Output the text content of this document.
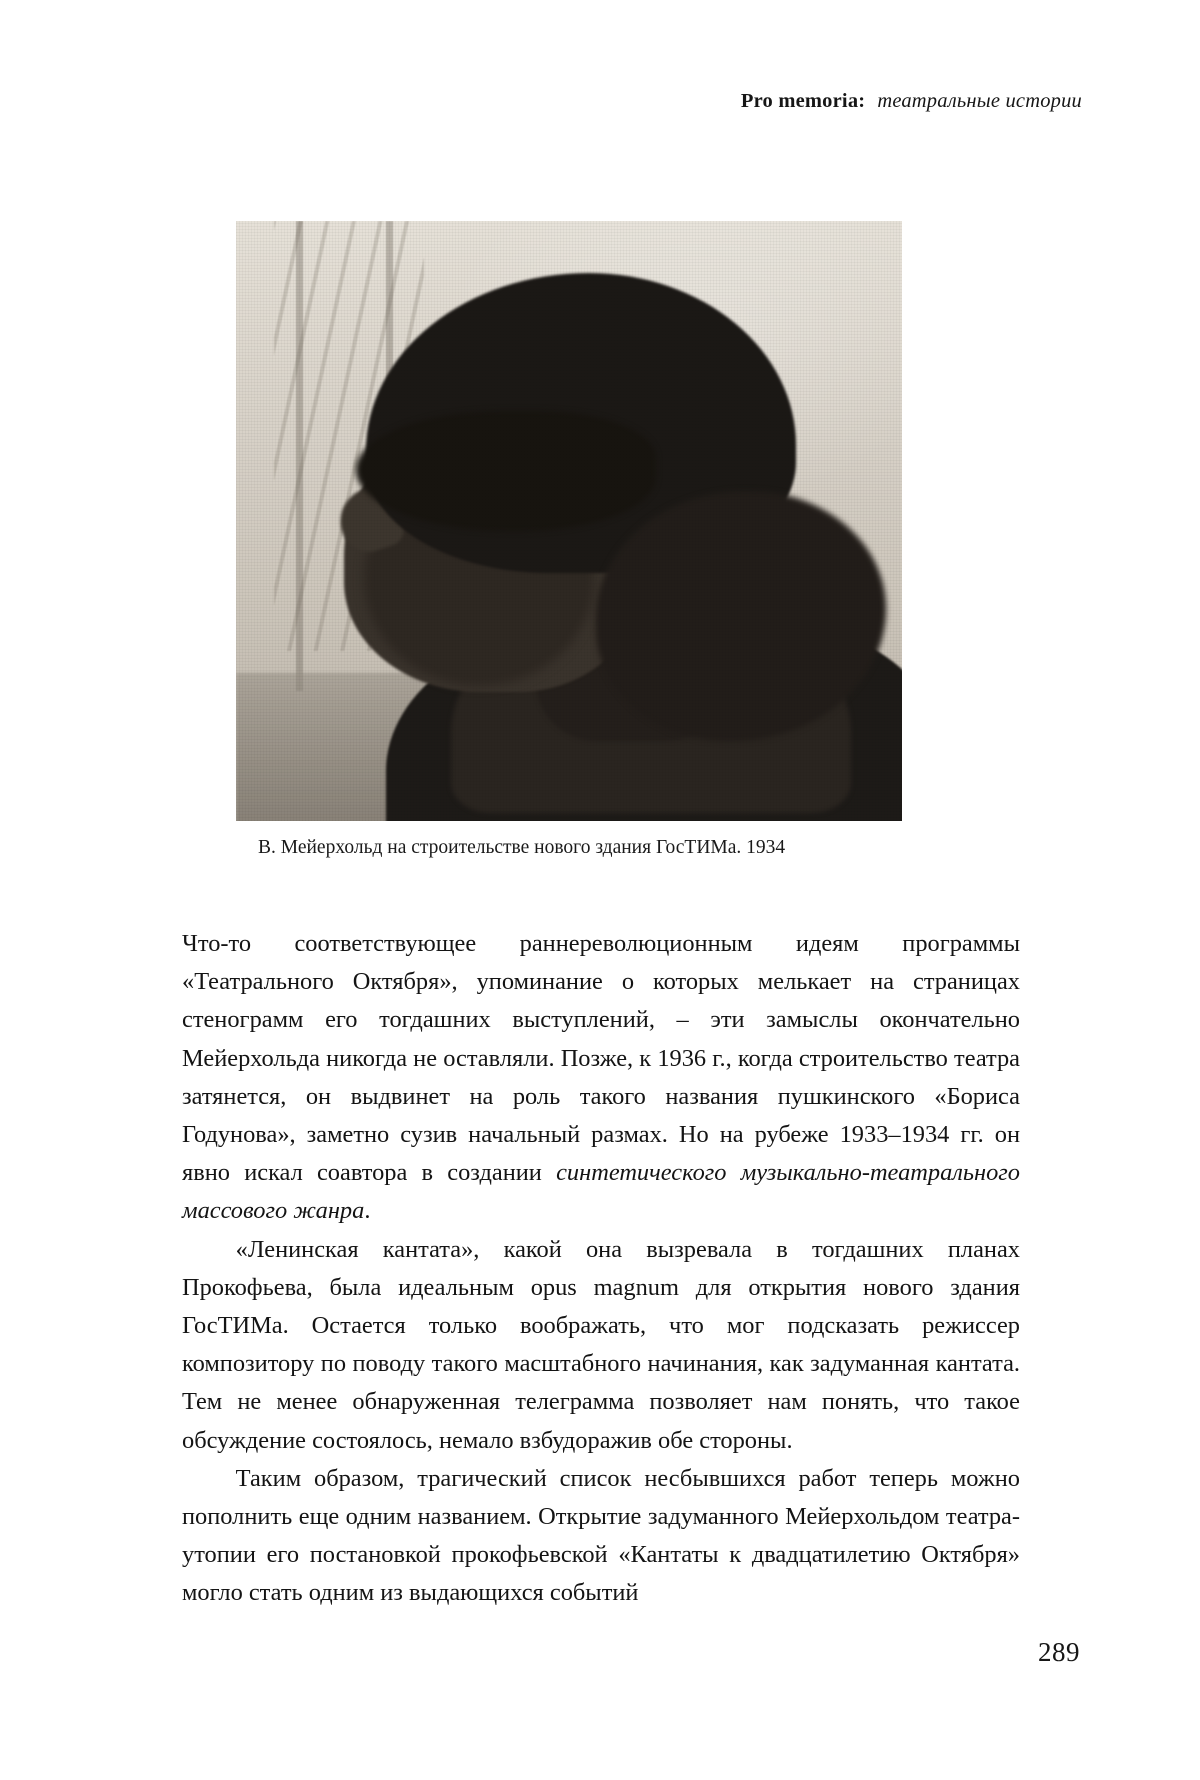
Pro memoria: театральные истории
В. Мейерхольд на строительстве нового здания ГосТИМа. 1934

Что-то соответствующее раннереволюционным идеям программы «Театрального Октября», упоминание о которых мелькает на страницах стенограмм его тогдашних выступлений, – эти замыслы окончательно Мейерхольда никогда не оставляли. Позже, к 1936 г., когда строительство театра затянется, он выдвинет на роль такого названия пушкинского «Бориса Годунова», заметно сузив начальный размах. Но на рубеже 1933–1934 гг. он явно искал соавтора в создании синтетического музыкально-театрального массового жанра.

«Ленинская кантата», какой она вызревала в тогдашних планах Прокофьева, была идеальным opus magnum для открытия нового здания ГосТИМа. Остается только воображать, что мог подсказать режиссер композитору по поводу такого масштабного начинания, как задуманная кантата. Тем не менее обнаруженная телеграмма позволяет нам понять, что такое обсуждение состоялось, немало взбудоражив обе стороны.

Таким образом, трагический список несбывшихся работ теперь можно пополнить еще одним названием. Открытие задуманного Мейерхольдом театра-утопии его постановкой прокофьевской «Кантаты к двадцатилетию Октября» могло стать одним из выдающихся событий

289
